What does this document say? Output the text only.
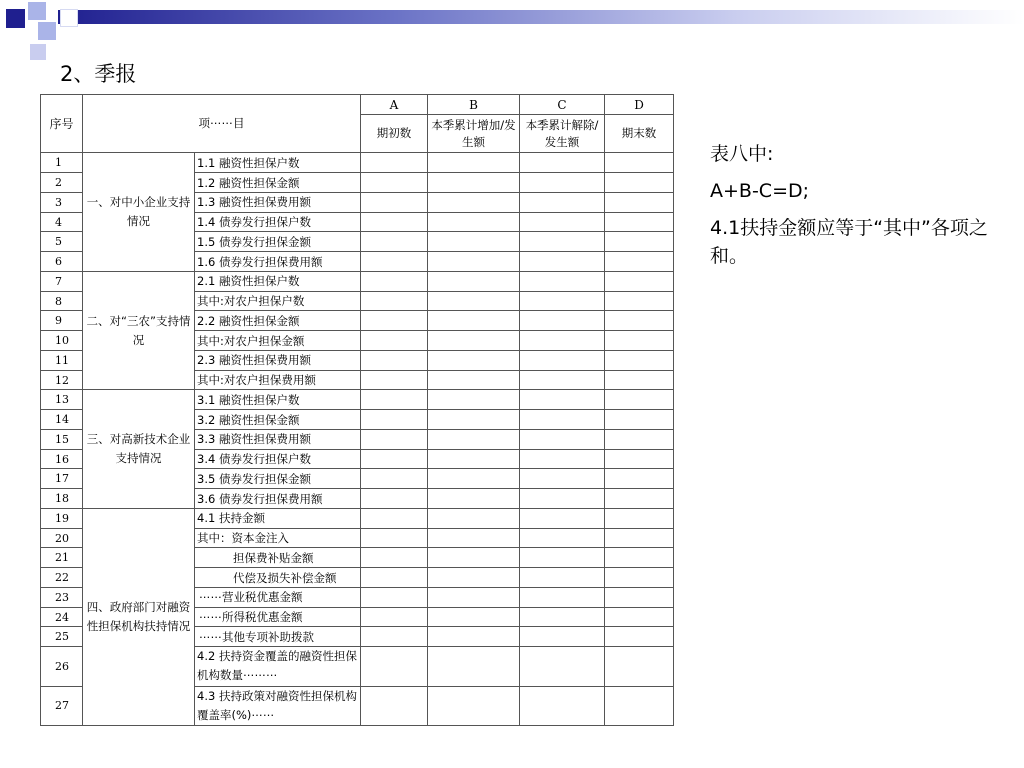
2、季报
序号	项⋯⋯目		A	B	C	D
			期初数	本季累计增加/发生额	本季累计解除/发生额	期末数
1	一、对中小企业支持情况	1.1 融资性担保户数				
2		1.2 融资性担保金额				
3		1.3 融资性担保费用额				
4		1.4 债券发行担保户数				
5		1.5 债券发行担保金额				
6		1.6 债券发行担保费用额				
7	二、对“三农”支持情况	2.1 融资性担保户数				
8		其中:对农户担保户数				
9		2.2 融资性担保金额				
10		其中:对农户担保金额				
11		2.3 融资性担保费用额				
12		其中:对农户担保费用额				
13	三、对高新技术企业支持情况	3.1 融资性担保户数				
14		3.2 融资性担保金额				
15		3.3 融资性担保费用额				
16		3.4 债券发行担保户数				
17		3.5 债券发行担保金额				
18		3.6 债券发行担保费用额				
19	四、政府部门对融资性担保机构扶持情况	4.1 扶持金额				
20		其中：资本金注入				
21		担保费补贴金额				
22		代偿及损失补偿金额				
23		⋯⋯营业税优惠金额				
24		⋯⋯所得税优惠金额				
25		⋯⋯其他专项补助拨款				
26		4.2 扶持资金覆盖的融资性担保机构数量⋯⋯⋯				
27		4.3 扶持政策对融资性担保机构覆盖率(%)⋯⋯				

表八中:

A+B-C=D;

4.1扶持金额应等于“其中”各项之和。
